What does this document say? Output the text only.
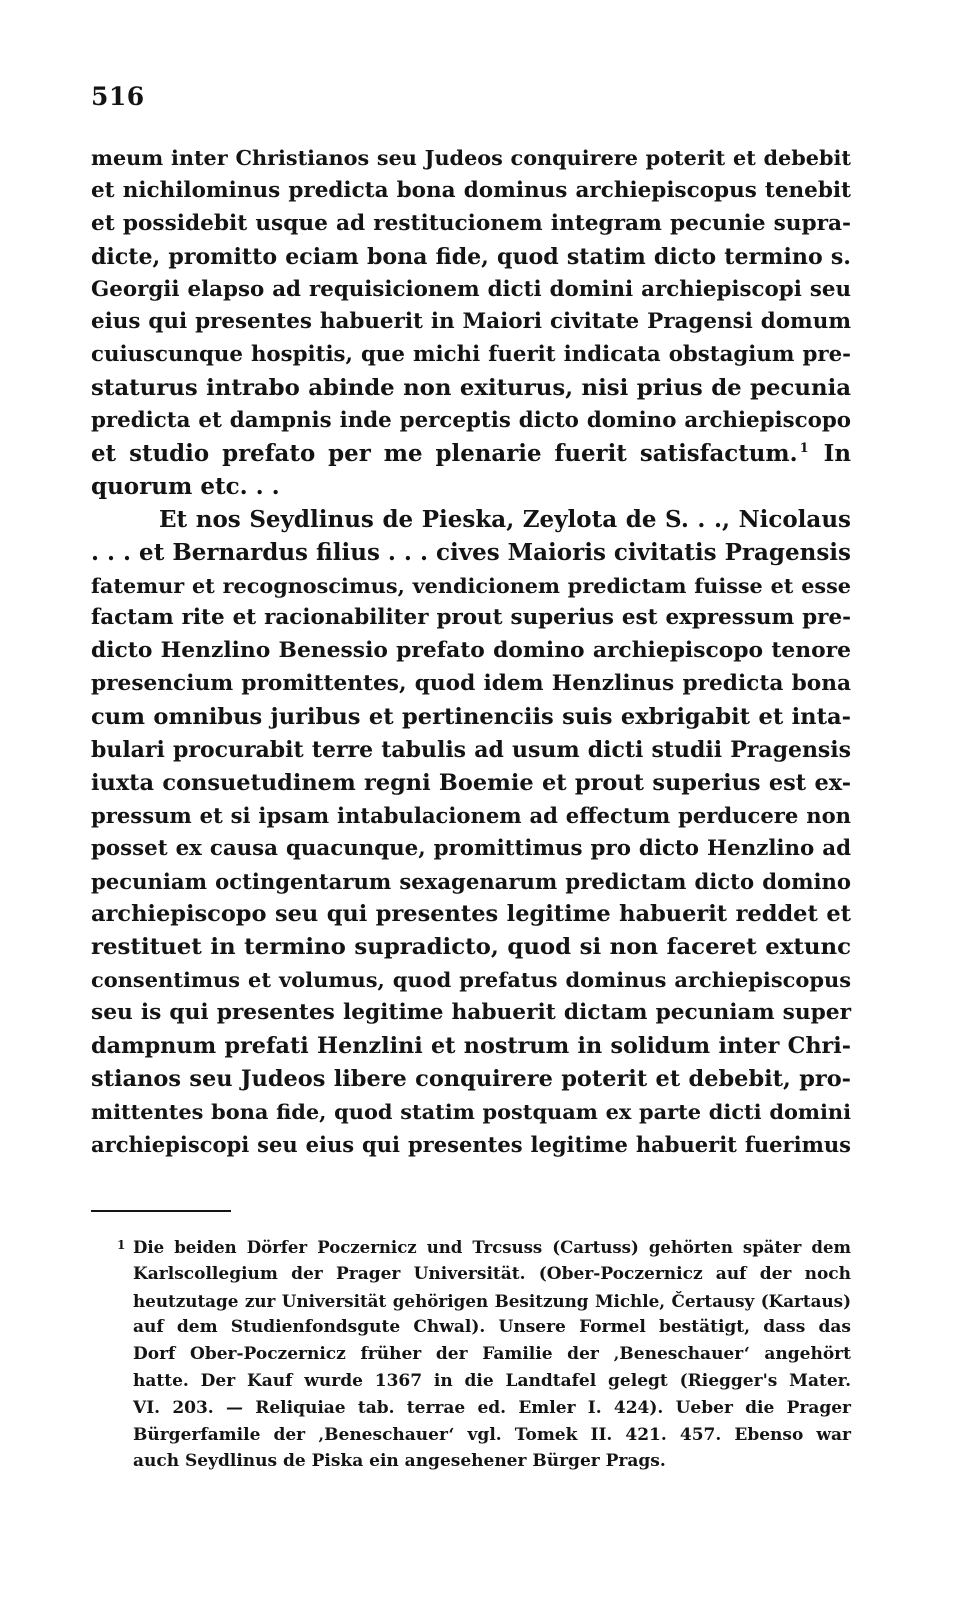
516
meum inter Christianos seu Judeos conquirere poterit et debebit
et nichilominus predicta bona dominus archiepiscopus tenebit
et possidebit usque ad restitucionem integram pecunie supra-
dicte, promitto eciam bona fide, quod statim dicto termino s.
Georgii elapso ad requisicionem dicti domini archiepiscopi seu
eius qui presentes habuerit in Maiori civitate Pragensi domum
cuiuscunque hospitis, que michi fuerit indicata obstagium pre-
staturus intrabo abinde non exiturus, nisi prius de pecunia
predicta et dampnis inde perceptis dicto domino archiepiscopo
et studio prefato per me plenarie fuerit satisfactum. $^1$ In
quorum etc. . .
Et nos Seydlinus de Pieska, Zeylota de S. . ., Nicolaus
. . . et Bernardus filius . . . cives Maioris civitatis Pragensis
fatemur et recognoscimus, vendicionem predictam fuisse et esse
factam rite et racionabiliter prout superius est expressum pre-
dicto Henzlino Benessio prefato domino archiepiscopo tenore
presencium promittentes, quod idem Henzlinus predicta bona
cum omnibus juribus et pertinenciis suis exbrigabit et inta-
bulari procurabit terre tabulis ad usum dicti studii Pragensis
iuxta consuetudinem regni Boemie et prout superius est ex-
pressum et si ipsam intabulacionem ad effectum perducere non
posset ex causa quacunque, promittimus pro dicto Henzlino ad
pecuniam octingentarum sexagenarum predictam dicto domino
archiepiscopo seu qui presentes legitime habuerit reddet et
restituet in termino supradicto, quod si non faceret extunc
consentimus et volumus, quod prefatus dominus archiepiscopus
seu is qui presentes legitime habuerit dictam pecuniam super
dampnum prefati Henzlini et nostrum in solidum inter Chri-
stianos seu Judeos libere conquirere poterit et debebit, pro-
mittentes bona fide, quod statim postquam ex parte dicti domini
archiepiscopi seu eius qui presentes legitime habuerit fuerimus
1 Die beiden Dörfer Poczernicz und Trcsuss (Cartuss) gehörten später dem
Karlscollegium der Prager Universität. (Ober-Poczernicz auf der noch
heutzutage zur Universität gehörigen Besitzung Michle, Čertausy (Kartaus)
auf dem Studienfondsgute Chwal). Unsere Formel bestätigt, dass das
Dorf Ober-Poczernicz früher der Familie der ‚Beneschauer‘ angehört
hatte. Der Kauf wurde 1367 in die Landtafel gelegt (Riegger's Mater.
VI. 203. — Reliquiae tab. terrae ed. Emler I. 424). Ueber die Prager
Bürgerfamile der ‚Beneschauer‘ vgl. Tomek II. 421. 457. Ebenso war
auch Seydlinus de Piska ein angesehener Bürger Prags.
